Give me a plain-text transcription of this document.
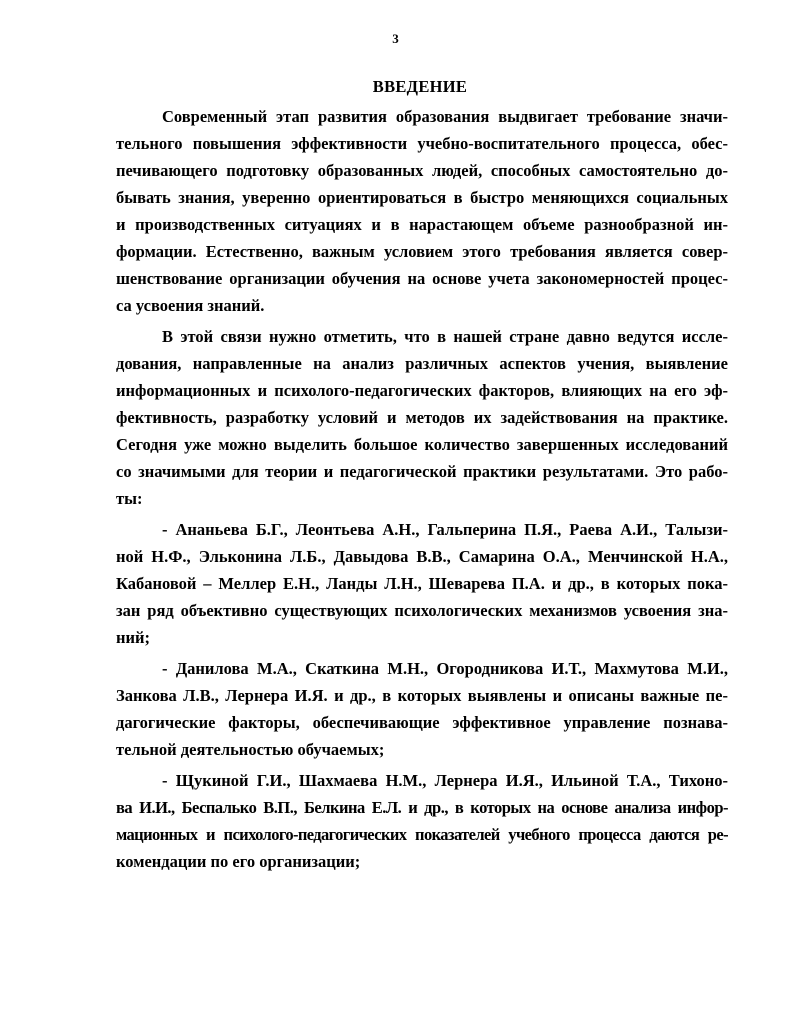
3
ВВЕДЕНИЕ
Современный этап развития образования выдвигает требование значи-
тельного повышения эффективности учебно-воспитательного процесса, обес-
печивающего подготовку образованных людей, способных самостоятельно до-
бывать знания, уверенно ориентироваться в быстро меняющихся социальных
и производственных ситуациях и в нарастающем объеме разнообразной ин-
формации. Естественно, важным условием этого требования является совер-
шенствование организации обучения на основе учета закономерностей процес-
са усвоения знаний.
В этой связи нужно отметить, что в нашей стране давно ведутся иссле-
дования, направленные на анализ различных аспектов учения, выявление
информационных и психолого-педагогических факторов, влияющих на его эф-
фективность, разработку условий и методов их задействования на практике.
Сегодня уже можно выделить большое количество завершенных исследований
со значимыми для теории и педагогической практики результатами. Это рабо-
ты:
- Ананьева Б.Г., Леонтьева А.Н., Гальперина П.Я., Раева А.И., Талызи-
ной Н.Ф., Эльконина Л.Б., Давыдова В.В., Самарина О.А., Менчинской Н.А.,
Кабановой – Меллер Е.Н., Ланды Л.Н., Шеварева П.А. и др., в которых пока-
зан ряд объективно существующих психологических механизмов усвоения зна-
ний;
- Данилова М.А., Скаткина М.Н., Огородникова И.Т., Махмутова М.И.,
Занкова Л.В., Лернера И.Я. и др., в которых выявлены и описаны важные пе-
дагогические факторы, обеспечивающие эффективное управление познава-
тельной деятельностью обучаемых;
- Щукиной Г.И., Шахмаева Н.М., Лернера И.Я., Ильиной Т.А., Тихоно-
ва И.И., Беспалько В.П., Белкина Е.Л. и др., в которых на основе анализа инфор-
мационных и психолого-педагогических показателей учебного процесса даются ре-
комендации по его организации;
